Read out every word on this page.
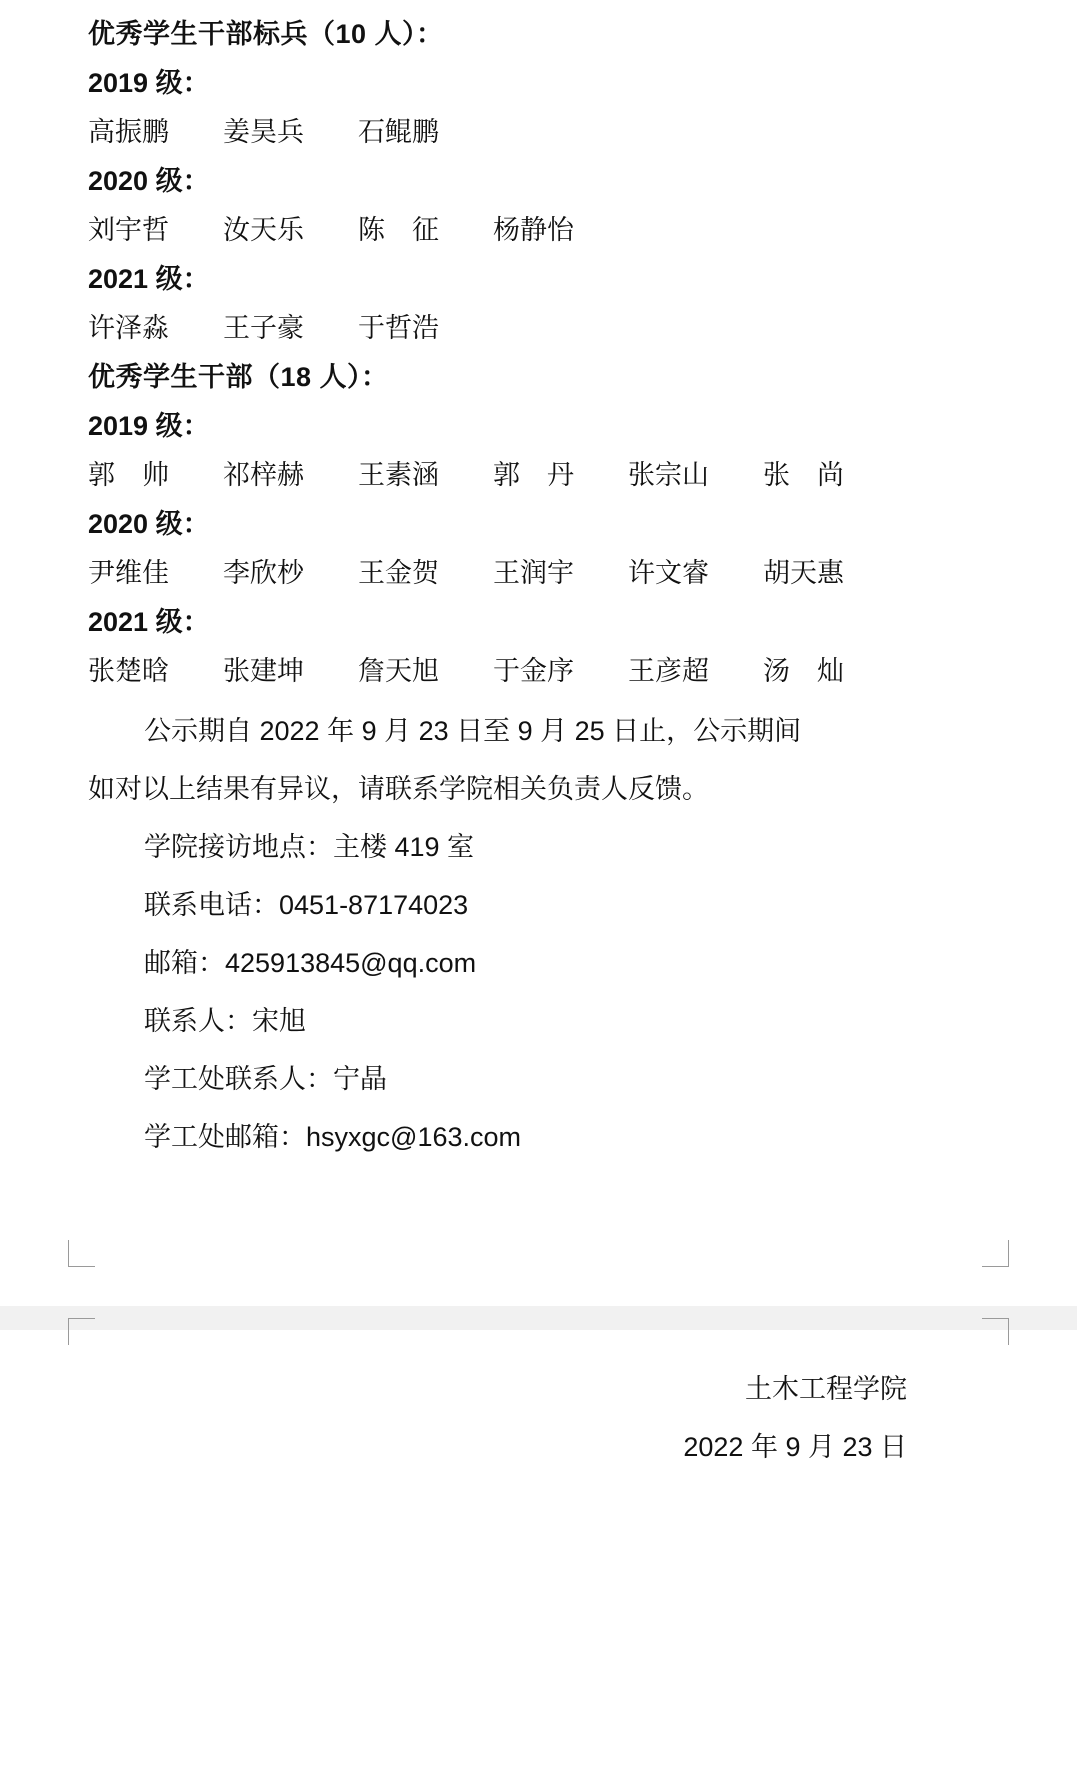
优秀学生干部标兵（10 人）：
2019 级：
高振鹏　　姜昊兵　　石鲲鹏
2020 级：
刘宇哲　　汝天乐　　陈　征　　杨静怡
2021 级：
许泽淼　　王子豪　　于哲浩
优秀学生干部（18 人）：
2019 级：
郭　帅　　祁梓赫　　王素涵　　郭　丹　　张宗山　　张　尚
2020 级：
尹维佳　　李欣杪　　王金贺　　王润宇　　许文睿　　胡天惠
2021 级：
张楚晗　　张建坤　　詹天旭　　于金序　　王彦超　　汤　灿
公示期自 2022 年 9 月 23 日至 9 月 25 日止，公示期间
如对以上结果有异议，请联系学院相关负责人反馈。
学院接访地点：主楼 419 室
联系电话：0451-87174023
邮箱：425913845@qq.com
联系人：宋旭
学工处联系人：宁晶
学工处邮箱：hsyxgc@163.com
土木工程学院
2022 年 9 月 23 日
